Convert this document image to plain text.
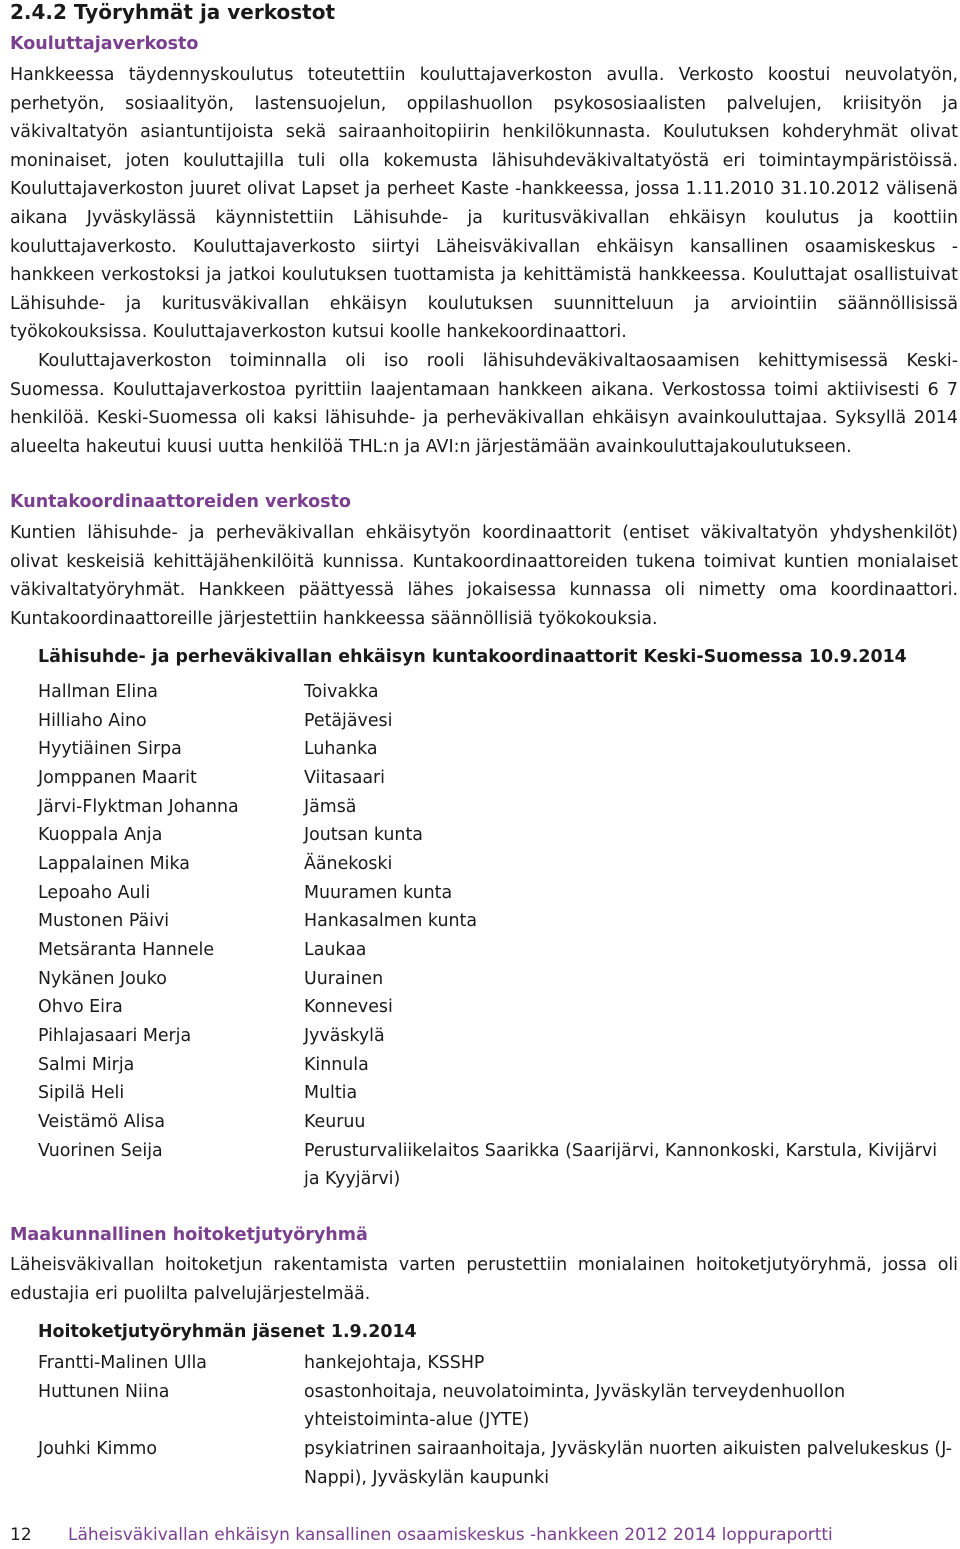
2.4.2 Työryhmät ja verkostot
Kouluttajaverkosto

Hankkeessa täydennyskoulutus toteutettiin kouluttajaverkoston avulla. Verkosto koostui neuvolatyön, perhetyön, sosiaalityön, lastensuojelun, oppilashuollon psykososiaalisten palvelujen, kriisityön ja väkivaltatyön asiantuntijoista sekä sairaanhoitopiirin henkilökunnasta. Koulutuksen kohderyhmät olivat moninaiset, joten kouluttajilla tuli olla kokemusta lähisuhdeväkivaltatyöstä eri toimintaympäristöissä. Kouluttajaverkoston juuret olivat Lapset ja perheet Kaste -hankkeessa, jossa 1.11.2010 31.10.2012 välisenä aikana Jyväskylässä käynnistettiin Lähisuhde- ja kuritusväkivallan ehkäisyn koulutus ja koottiin kouluttajaverkosto. Kouluttajaverkosto siirtyi Läheisväkivallan ehkäisyn kansallinen osaamiskeskus -hankkeen verkostoksi ja jatkoi koulutuksen tuottamista ja kehittämistä hankkeessa. Kouluttajat osallistuivat Lähisuhde- ja kuritusväkivallan ehkäisyn koulutuksen suunnitteluun ja arviointiin säännöllisissä työkokouksissa. Kouluttajaverkoston kutsui koolle hankekoordinaattori.

Kouluttajaverkoston toiminnalla oli iso rooli lähisuhdeväkivaltaosaamisen kehittymisessä Keski-Suomessa. Kouluttajaverkostoa pyrittiin laajentamaan hankkeen aikana. Verkostossa toimi aktiivisesti 6 7 henkilöä. Keski-Suomessa oli kaksi lähisuhde- ja perheväkivallan ehkäisyn avainkouluttajaa. Syksyllä 2014 alueelta hakeutui kuusi uutta henkilöä THL:n ja AVI:n järjestämään avainkouluttajakoulutukseen.

Kuntakoordinaattoreiden verkosto

Kuntien lähisuhde- ja perheväkivallan ehkäisytyön koordinaattorit (entiset väkivaltatyön yhdyshenkilöt) olivat keskeisiä kehittäjähenkilöitä kunnissa. Kuntakoordinaattoreiden tukena toimivat kuntien monialaiset väkivaltatyöryhmät. Hankkeen päättyessä lähes jokaisessa kunnassa oli nimetty oma koordinaattori. Kuntakoordinaattoreille järjestettiin hankkeessa säännöllisiä työkokouksia.

Lähisuhde- ja perheväkivallan ehkäisyn kuntakoordinaattorit Keski-Suomessa 10.9.2014

Hallman Elina	Toivakka
Hilliaho Aino	Petäjävesi
Hyytiäinen Sirpa	Luhanka
Jomppanen Maarit	Viitasaari
Järvi-Flyktman Johanna	Jämsä
Kuoppala Anja	Joutsan kunta
Lappalainen Mika	Äänekoski
Lepoaho Auli	Muuramen kunta
Mustonen Päivi	Hankasalmen kunta
Metsäranta Hannele	Laukaa
Nykänen Jouko	Uurainen
Ohvo Eira	Konnevesi
Pihlajasaari Merja	Jyväskylä
Salmi Mirja	Kinnula
Sipilä Heli	Multia
Veistämö Alisa	Keuruu
Vuorinen Seija	Perusturvaliikelaitos Saarikka (Saarijärvi, Kannonkoski, Karstula, Kivijärvi ja Kyyjärvi)
Maakunnallinen hoitoketjutyöryhmä

Läheisväkivallan hoitoketjun rakentamista varten perustettiin monialainen hoitoketjutyöryhmä, jossa oli edustajia eri puolilta palvelujärjestelmää.

Hoitoketjutyöryhmän jäsenet 1.9.2014

Frantti-Malinen Ulla	hankejohtaja, KSSHP
Huttunen Niina	osastonhoitaja, neuvolatoiminta, Jyväskylän terveydenhuollon yhteistoiminta-alue (JYTE)
Jouhki Kimmo	psykiatrinen sairaanhoitaja, Jyväskylän nuorten aikuisten palvelukeskus (J-Nappi), Jyväskylän kaupunki
12 Läheisväkivallan ehkäisyn kansallinen osaamiskeskus -hankkeen 2012 2014 loppuraportti
